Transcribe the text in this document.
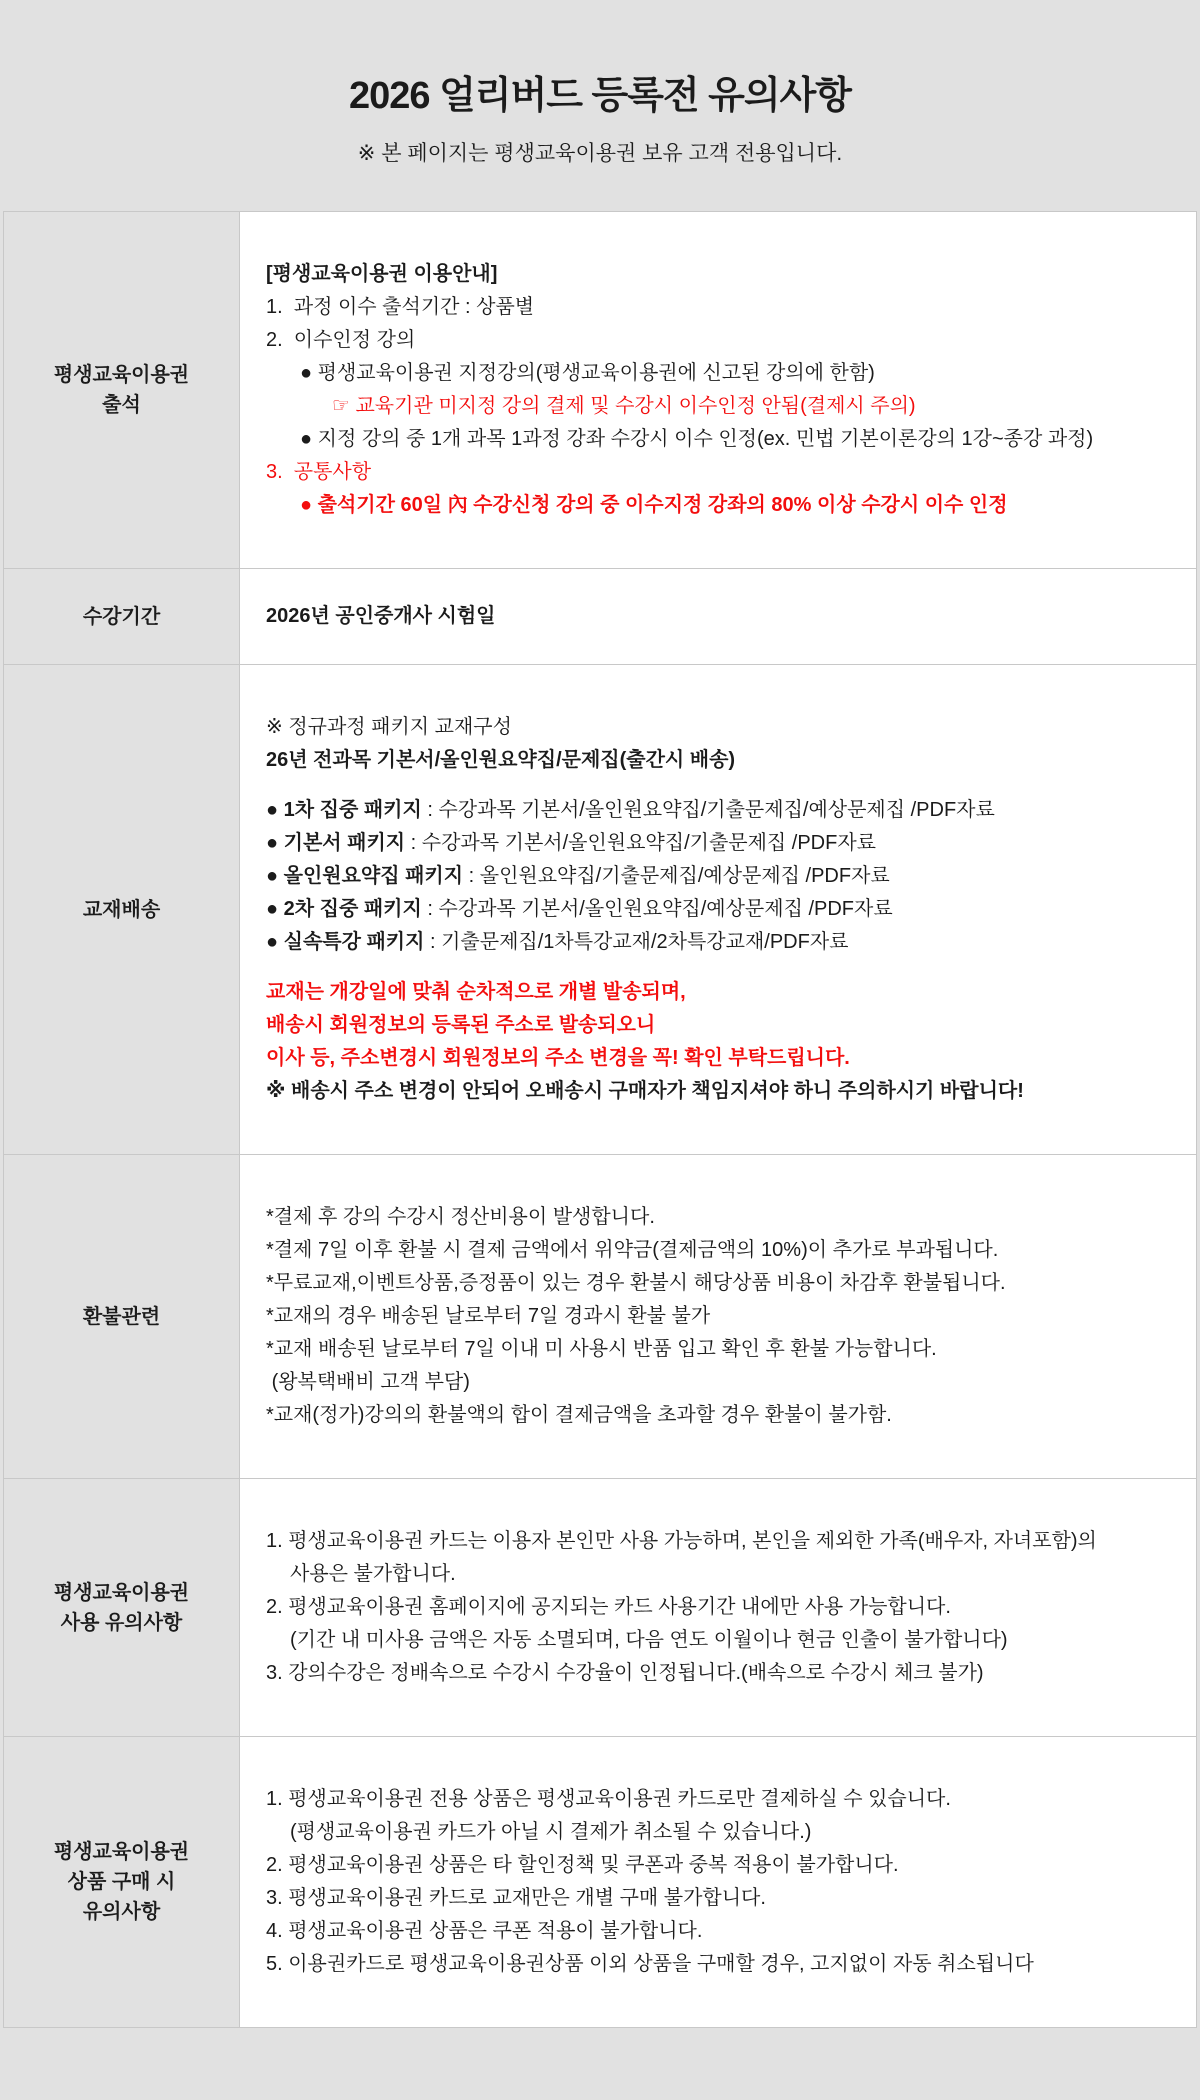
2026 얼리버드 등록전 유의사항

※ 본 페이지는 평생교육이용권 보유 고객 전용입니다.

평생교육이용권
출석

[평생교육이용권 이용안내]

1.  과정 이수 출석기간 : 상품별

2.  이수인정 강의

● 평생교육이용권 지정강의(평생교육이용권에 신고된 강의에 한함)

☞ 교육기관 미지정 강의 결제 및 수강시 이수인정 안됨(결제시 주의)

● 지정 강의 중 1개 과목 1과정 강좌 수강시 이수 인정(ex. 민법 기본이론강의 1강~종강 과정)

3.  공통사항

● 출석기간 60일 內 수강신청 강의 중 이수지정 강좌의 80% 이상 수강시 이수 인정

수강기간	2026년 공인중개사 시험일

교재배송

※ 정규과정 패키지 교재구성

26년 전과목 기본서/올인원요약집/문제집(출간시 배송)

● 1차 집중 패키지 : 수강과목 기본서/올인원요약집/기출문제집/예상문제집 /PDF자료

● 기본서 패키지 : 수강과목 기본서/올인원요약집/기출문제집 /PDF자료

● 올인원요약집 패키지 : 올인원요약집/기출문제집/예상문제집 /PDF자료

● 2차 집중 패키지 : 수강과목 기본서/올인원요약집/예상문제집 /PDF자료

● 실속특강 패키지 : 기출문제집/1차특강교재/2차특강교재/PDF자료

교재는 개강일에 맞춰 순차적으로 개별 발송되며,

배송시 회원정보의 등록된 주소로 발송되오니

이사 등, 주소변경시 회원정보의 주소 변경을 꼭! 확인 부탁드립니다.

※ 배송시 주소 변경이 안되어 오배송시 구매자가 책임지셔야 하니 주의하시기 바랍니다!

환불관련

*결제 후 강의 수강시 정산비용이 발생합니다.

*결제 7일 이후 환불 시 결제 금액에서 위약금(결제금액의 10%)이 추가로 부과됩니다.

*무료교재,이벤트상품,증정품이 있는 경우 환불시 해당상품 비용이 차감후 환불됩니다.

*교재의 경우 배송된 날로부터 7일 경과시 환불 불가

*교재 배송된 날로부터 7일 이내 미 사용시 반품 입고 확인 후 환불 가능합니다.

(왕복택배비 고객 부담)

*교재(정가)강의의 환불액의 합이 결제금액을 초과할 경우 환불이 불가함.

평생교육이용권
사용 유의사항

1. 평생교육이용권 카드는 이용자 본인만 사용 가능하며, 본인을 제외한 가족(배우자, 자녀포함)의

사용은 불가합니다.

2. 평생교육이용권 홈페이지에 공지되는 카드 사용기간 내에만 사용 가능합니다.

(기간 내 미사용 금액은 자동 소멸되며, 다음 연도 이월이나 현금 인출이 불가합니다)

3. 강의수강은 정배속으로 수강시 수강율이 인정됩니다.(배속으로 수강시 체크 불가)

평생교육이용권
상품 구매 시
유의사항

1. 평생교육이용권 전용 상품은 평생교육이용권 카드로만 결제하실 수 있습니다.

(평생교육이용권 카드가 아닐 시 결제가 취소될 수 있습니다.)

2. 평생교육이용권 상품은 타 할인정책 및 쿠폰과 중복 적용이 불가합니다.

3. 평생교육이용권 카드로 교재만은 개별 구매 불가합니다.

4. 평생교육이용권 상품은 쿠폰 적용이 불가합니다.

5. 이용권카드로 평생교육이용권상품 이외 상품을 구매할 경우, 고지없이 자동 취소됩니다
